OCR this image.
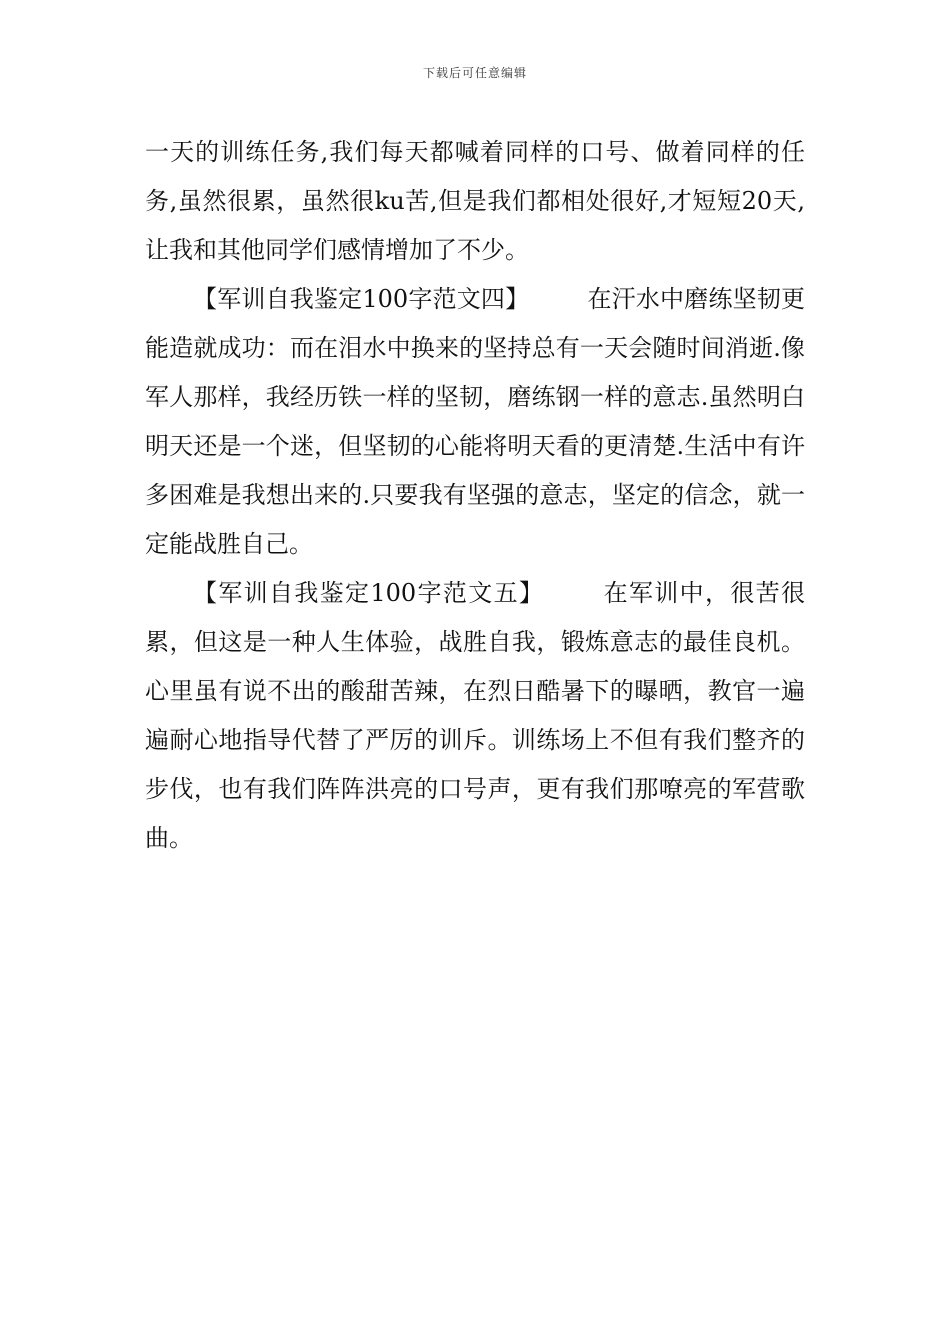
下载后可任意编辑

一天的训练任务,我们每天都喊着同样的口号、做着同样的任务,虽然很累，虽然很ku苦,但是我们都相处很好,才短短20天,让我和其他同学们感情增加了不少。

【军训自我鉴定100字范文四】 在汗水中磨练坚韧更能造就成功：而在泪水中换来的坚持总有一天会随时间消逝.像军人那样，我经历铁一样的坚韧，磨练钢一样的意志.虽然明白明天还是一个迷，但坚韧的心能将明天看的更清楚.生活中有许多困难是我想出来的.只要我有坚强的意志，坚定的信念，就一定能战胜自己。

【军训自我鉴定100字范文五】 在军训中，很苦很累，但这是一种人生体验，战胜自我，锻炼意志的最佳良机。心里虽有说不出的酸甜苦辣，在烈日酷暑下的曝晒，教官一遍遍耐心地指导代替了严厉的训斥。训练场上不但有我们整齐的步伐，也有我们阵阵洪亮的口号声，更有我们那嘹亮的军营歌曲。
